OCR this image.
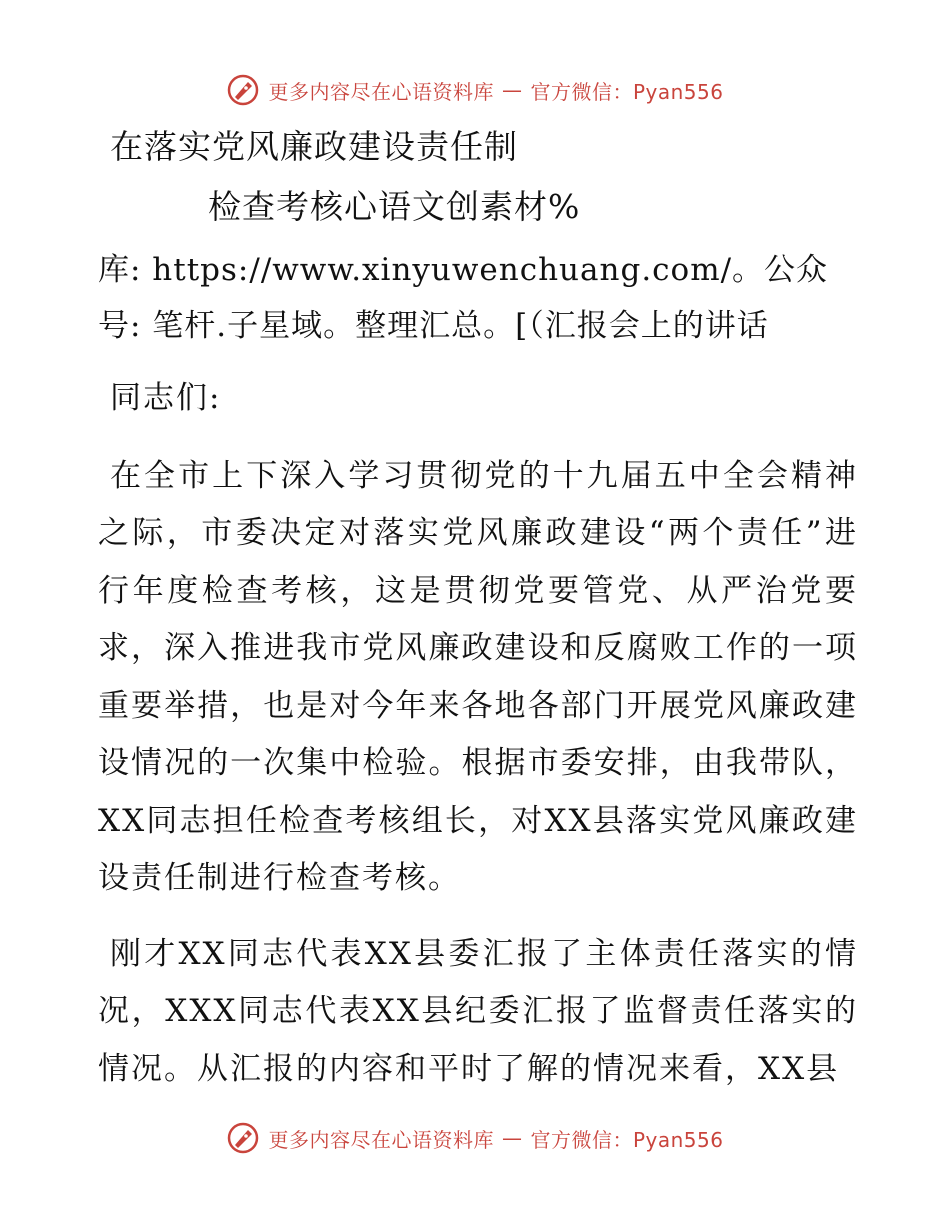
更多内容尽在心语资料库 — 官方微信：Pyan556

在落实党风廉政建设责任制

检查考核心语文创素材%

库: https://www.xinyuwenchuang.com/。公众号: 笔杆.子星域。整理汇总。[（汇报会上的讲话

同志们:

在全市上下深入学习贯彻党的十九届五中全会精神之际，市委决定对落实党风廉政建设“两个责任”进行年度检查考核，这是贯彻党要管党、从严治党要求，深入推进我市党风廉政建设和反腐败工作的一项重要举措，也是对今年来各地各部门开展党风廉政建设情况的一次集中检验。根据市委安排，由我带队，XX同志担任检查考核组长，对XX县落实党风廉政建设责任制进行检查考核。

刚才XX同志代表XX县委汇报了主体责任落实的情况，XXX同志代表XX县纪委汇报了监督责任落实的情况。从汇报的内容和平时了解的情况来看，XX县

更多内容尽在心语资料库 — 官方微信：Pyan556
